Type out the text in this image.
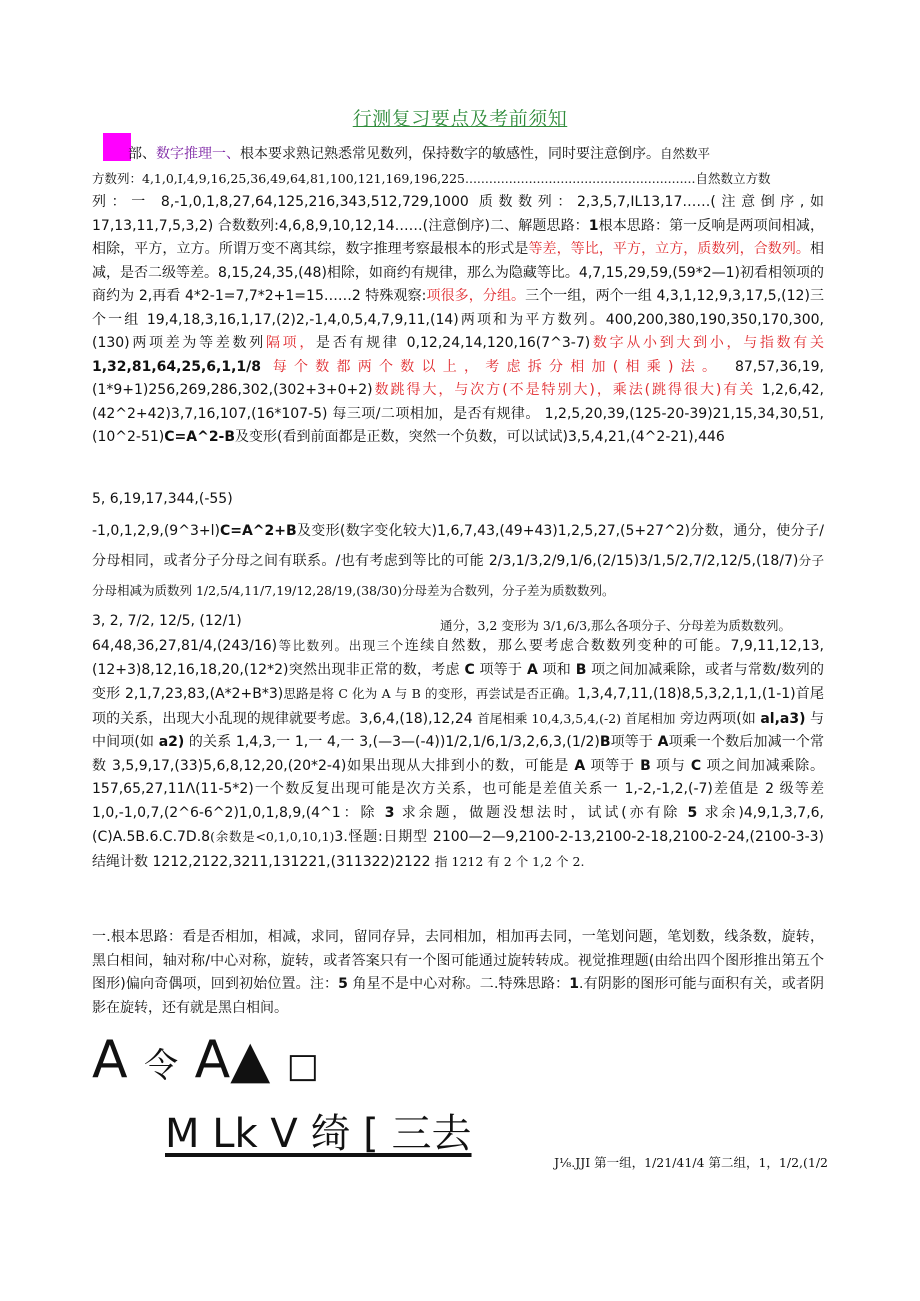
行测复习要点及考前须知
部、数字推理一、根本要求熟记熟悉常见数列，保持数字的敏感性，同时要注意倒序。自然数平
方数列：4,1,0,I,4,9,16,25,36,49,64,81,100,121,169,196,225..........................................................自然数立方数
列：一 8,-1,0,1,8,27,64,125,216,343,512,729,1000 质数数列：2,3,5,7,IL13,17……(注意倒序,如 17,13,11,7,5,3,2) 合数数列:4,6,8,9,10,12,14……(注意倒序)二、解题思路：1根本思路：第一反响是两项间相减，相除，平方，立方。所谓万变不离其综，数字推理考察最根本的形式是等差，等比，平方，立方，质数列，合数列。相减，是否二级等差。8,15,24,35,(48)相除，如商约有规律，那么为隐藏等比。4,7,15,29,59,(59*2—1)初看相领项的商约为 2,再看 4*2-1=7,7*2+1=15……2 特殊观察:项很多，分组。三个一组，两个一组 4,3,1,12,9,3,17,5,(12)三个一组 19,4,18,3,16,1,17,(2)2,-1,4,0,5,4,7,9,11,(14)两项和为平方数列。400,200,380,190,350,170,300,(130)两项差为等差数列隔项，是否有规律 0,12,24,14,120,16(7^3-7)数字从小到大到小，与指数有关 1,32,81,64,25,6,1,1/8 每个数都两个数以上，考虑拆分相加(相乘)法。 87,57,36,19,(1*9+1)256,269,286,302,(302+3+0+2)数跳得大，与次方(不是特别大)，乘法(跳得很大)有关 1,2,6,42,(42^2+42)3,7,16,107,(16*107-5) 每三项/二项相加，是否有规律。 1,2,5,20,39,(125-20-39)21,15,34,30,51,(10^2-51)C=A^2-B及变形(看到前面都是正数，突然一个负数，可以试试)3,5,4,21,(4^2-21),446
5, 6,19,17,344,(-55)
-1,0,1,2,9,(9^3+l)C=A^2+B及变形(数字变化较大)1,6,7,43,(49+43)1,2,5,27,(5+27^2)分数，通分，使分子/分母相同，或者分子分母之间有联系。/也有考虑到等比的可能 2/3,1/3,2/9,1/6,(2/15)3/1,5/2,7/2,12/5,(18/7)分子分母相减为质数列 1/2,5/4,11/7,19/12,28/19,(38/30)分母差为合数列，分子差为质数数列。
通分，3,2 变形为 3/1,6/3,那么各项分子、分母差为质数数列。
3, 2, 7/2, 12/5, (12/1)
64,48,36,27,81/4,(243/16)等比数列。出现三个连续自然数，那么要考虑合数数列变种的可能。7,9,11,12,13,(12+3)8,12,16,18,20,(12*2)突然出现非正常的数，考虑 C 项等于 A 项和 B 项之间加减乘除，或者与常数/数列的变形 2,1,7,23,83,(A*2+B*3)思路是将 C 化为 A 与 B 的变形，再尝试是否正确。1,3,4,7,11,(18)8,5,3,2,1,1,(1-1)首尾项的关系，出现大小乱现的规律就要考虑。3,6,4,(18),12,24 首尾相乘 10,4,3,5,4,(-2) 首尾相加 旁边两项(如 al,a3) 与中间项(如 a2) 的关系 1,4,3,一 1,一 4,一 3,(—3—(-4))1/2,1/6,1/3,2,6,3,(1/2)B项等于 A项乘一个数后加减一个常数 3,5,9,17,(33)5,6,8,12,20,(20*2-4)如果出现从大排到小的数，可能是 A 项等于 B 项与 C 项之间加减乘除。157,65,27,11Λ(11-5*2)一个数反复出现可能是次方关系，也可能是差值关系一 1,-2,-1,2,(-7)差值是 2 级等差 1,0,-1,0,7,(2^6-6^2)1,0,1,8,9,(4^1：除 3 求余题，做题没想法时，试试(亦有除 5 求余)4,9,1,3,7,6,(C)A.5B.6.C.7D.8(余数是<0,1,0,10,1)3.怪题:日期型 2100—2—9,2100-2-13,2100-2-18,2100-2-24,(2100-3-3)结绳计数 1212,2122,3211,131221,(311322)2122 指 1212 有 2 个 1,2 个 2.
一.根本思路：看是否相加，相减，求同，留同存异，去同相加，相加再去同，一笔划问题，笔划数，线条数，旋转，黑白相间，轴对称/中心对称，旋转，或者答案只有一个图可能通过旋转转成。视觉推理题(由给出四个图形推出第五个图形)偏向奇偶项，回到初始位置。注：5 角星不是中心对称。二.特殊思路：1.有阴影的图形可能与面积有关，或者阴影在旋转，还有就是黑白相间。
A 令 A▲ □
M Lk V 绮 [ 三去
J⅛.JJI 第一组，1/21/41/4 第二组，1，1/2,(1/2
